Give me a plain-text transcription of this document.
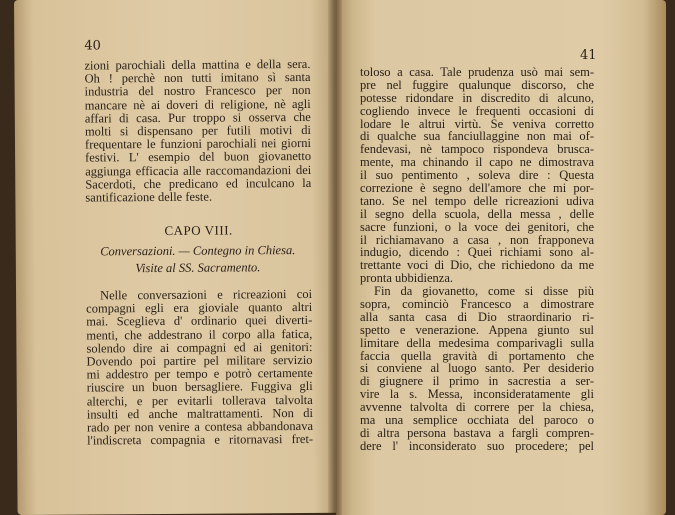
40
zioni parochiali della mattina e della sera.
Oh ! perchè non tutti imitano sì santa
industria del nostro Francesco per non
mancare nè ai doveri di religione, nè agli
affari di casa. Pur troppo si osserva che
molti si dispensano per futili motivi di
frequentare le funzioni parochiali nei giorni
festivi. L' esempio del buon giovanetto
aggiunga efficacia alle raccomandazioni dei
Sacerdoti, che predicano ed inculcano la
santificazione delle feste.
CAPO VIII.
Conversazioni. — Contegno in Chiesa.
Visite al SS. Sacramento.
Nelle conversazioni e ricreazioni coi
compagni egli era gioviale quanto altri
mai. Sceglieva d' ordinario quei diverti-
menti, che addestrano il corpo alla fatica,
solendo dire ai compagni ed ai genitori:
Dovendo poi partire pel militare servizio
mi addestro per tempo e potrò certamente
riuscire un buon bersagliere. Fuggiva gli
alterchi, e per evitarli tollerava talvolta
insulti ed anche maltrattamenti. Non di
rado per non venire a contesa abbandonava
l'indiscreta compagnia e ritornavasi fret-
41
toloso a casa. Tale prudenza usò mai sem-
pre nel fuggire qualunque discorso, che
potesse ridondare in discredito di alcuno,
cogliendo invece le frequenti occasioni di
lodare le altrui virtù. Se veniva corretto
di qualche sua fanciullaggine non mai of-
fendevasi, nè tampoco rispondeva brusca-
mente, ma chinando il capo ne dimostrava
il suo pentimento , soleva dire : Questa
correzione è segno dell'amore che mi por-
tano. Se nel tempo delle ricreazioni udiva
il segno della scuola, della messa , delle
sacre funzioni, o la voce dei genitori, che
il richiamavano a casa , non frapponeva
indugio, dicendo : Quei richiami sono al-
trettante voci di Dio, che richiedono da me
pronta ubbidienza.
Fin da giovanetto, come si disse più
sopra, cominciò Francesco a dimostrare
alla santa casa di Dio straordinario ri-
spetto e venerazione. Appena giunto sul
limitare della medesima comparivagli sulla
faccia quella gravità di portamento che
si conviene al luogo santo. Per desiderio
di giugnere il primo in sacrestia a ser-
vire la s. Messa, inconsideratamente gli
avvenne talvolta di correre per la chiesa,
ma una semplice occhiata del paroco o
di altra persona bastava a fargli compren-
dere l' inconsiderato suo procedere; pel
